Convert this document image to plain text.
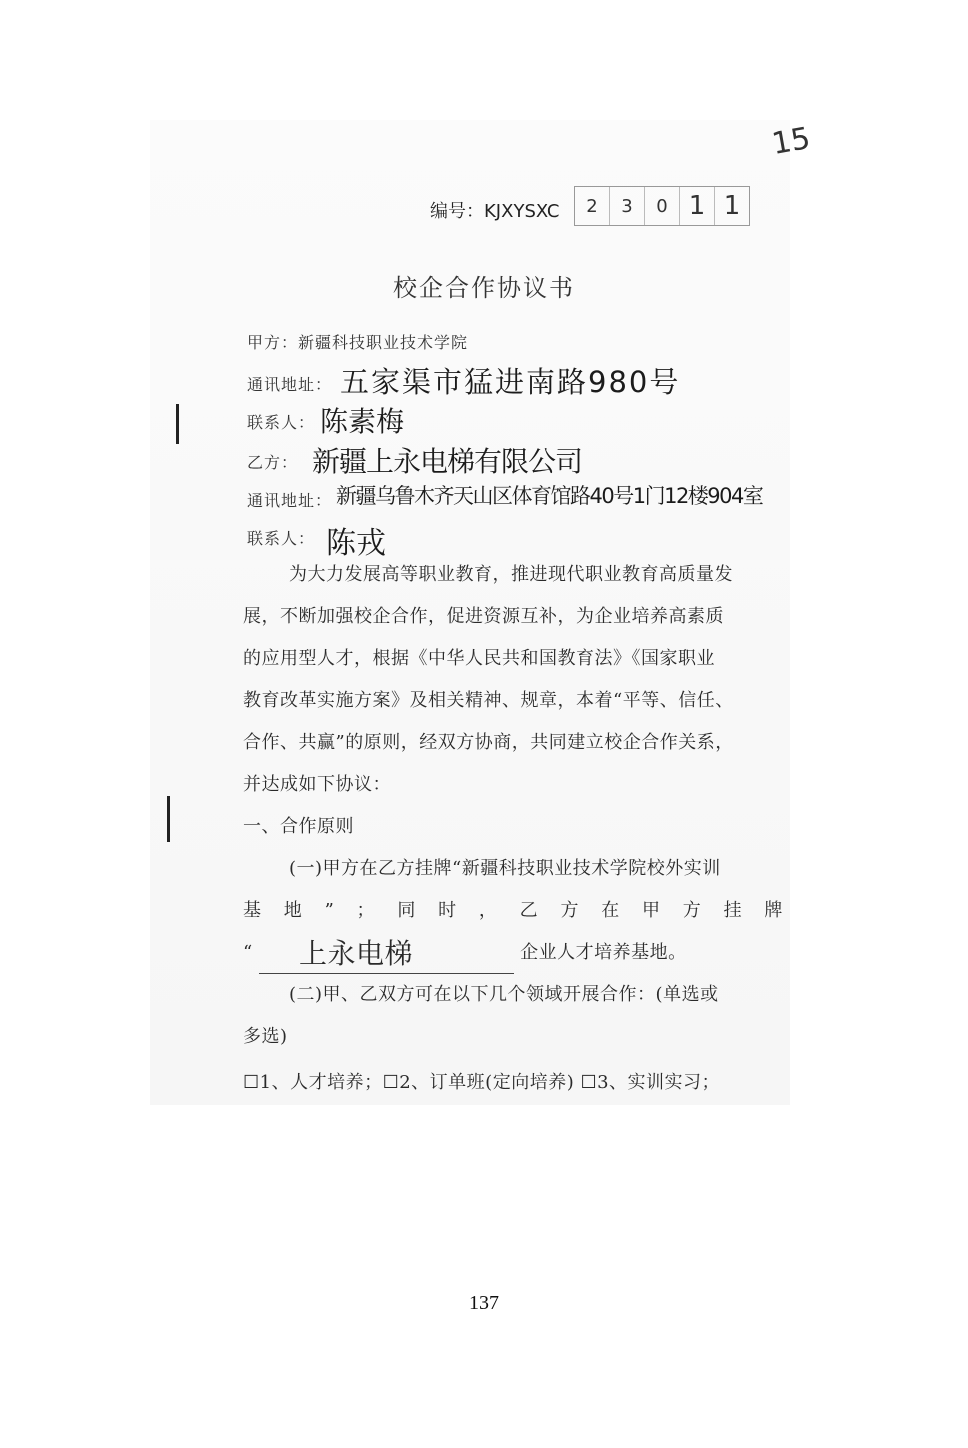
15
编号：KJXYSXC	2	3	0 1 1
校企合作协议书
甲方：新疆科技职业技术学院
通讯地址： 五家渠市猛进南路980号
联系人： 陈素梅
乙方： 新疆上永电梯有限公司
通讯地址： 新疆乌鲁木齐天山区体育馆路40号1门12楼904室
联系人： 陈戎
为大力发展高等职业教育，推进现代职业教育高质量发
展，不断加强校企合作，促进资源互补，为企业培养高素质
的应用型人才，根据《中华人民共和国教育法》《国家职业
教育改革实施方案》及相关精神、规章，本着“平等、信任、
合作、共赢”的原则，经双方协商，共同建立校企合作关系，
并达成如下协议：
一、合作原则
(一)甲方在乙方挂牌“新疆科技职业技术学院校外实训
基 地 ” ； 同 时 ， 乙 方 在 甲 方 挂 牌
“ 上永电梯	企业人才培养基地。
(二)甲、乙双方可在以下几个领域开展合作：(单选或
多选)
☐1、人才培养；☐2、订单班(定向培养) ☐3、实训实习；
137
